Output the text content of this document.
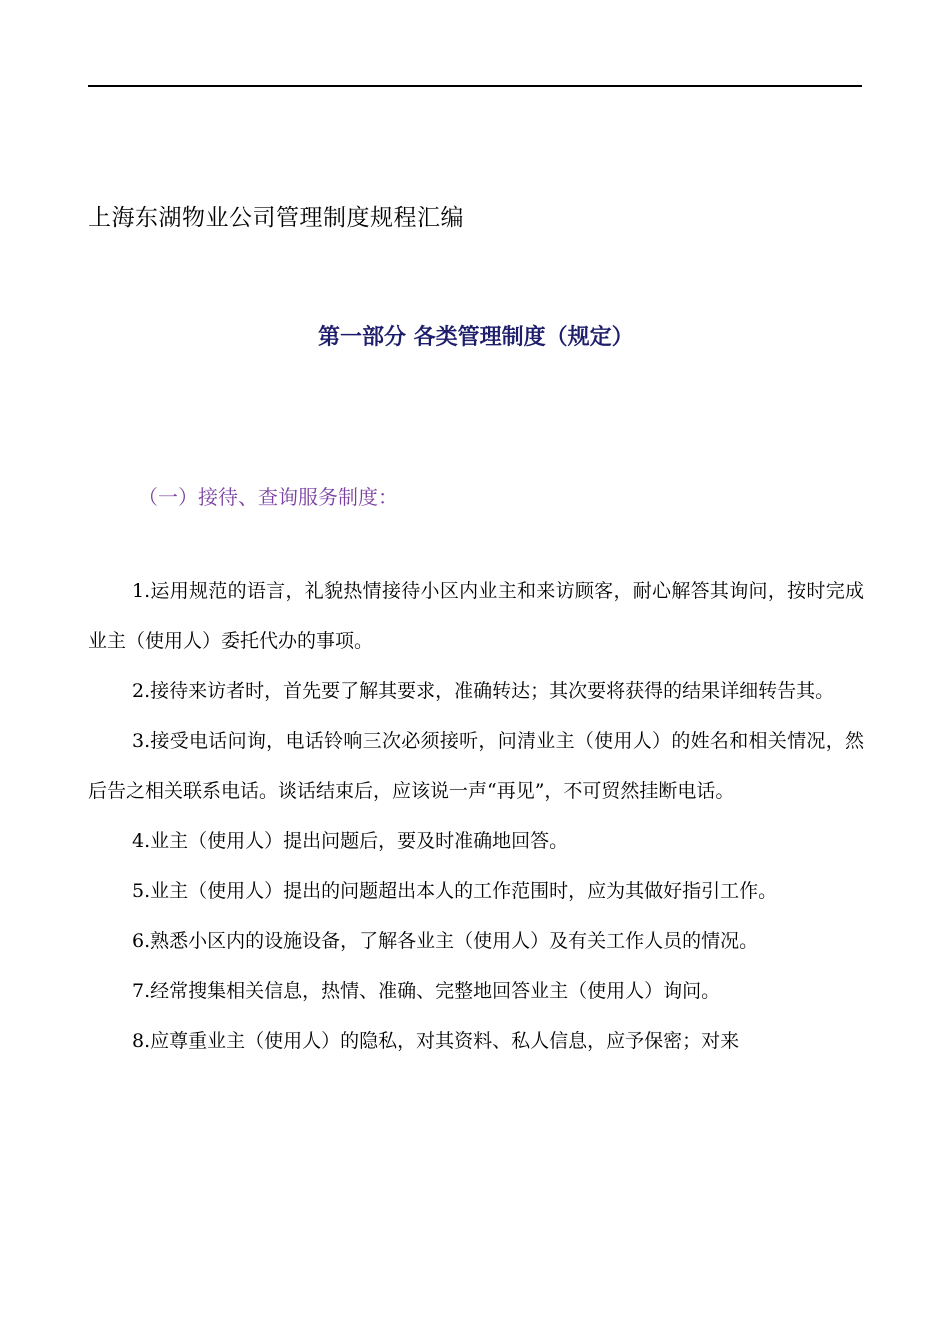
上海东湖物业公司管理制度规程汇编
第一部分 各类管理制度（规定）
（一）接待、查询服务制度：

1.运用规范的语言，礼貌热情接待小区内业主和来访顾客，耐心解答其询问，按时完成业主（使用人）委托代办的事项。

2.接待来访者时，首先要了解其要求，准确转达；其次要将获得的结果详细转告其。

3.接受电话问询，电话铃响三次必须接听，问清业主（使用人）的姓名和相关情况，然后告之相关联系电话。谈话结束后，应该说一声“再见”，不可贸然挂断电话。

4.业主（使用人）提出问题后，要及时准确地回答。

5.业主（使用人）提出的问题超出本人的工作范围时，应为其做好指引工作。

6.熟悉小区内的设施设备，了解各业主（使用人）及有关工作人员的情况。

7.经常搜集相关信息，热情、准确、完整地回答业主（使用人）询问。

8.应尊重业主（使用人）的隐私，对其资料、私人信息，应予保密；对来
